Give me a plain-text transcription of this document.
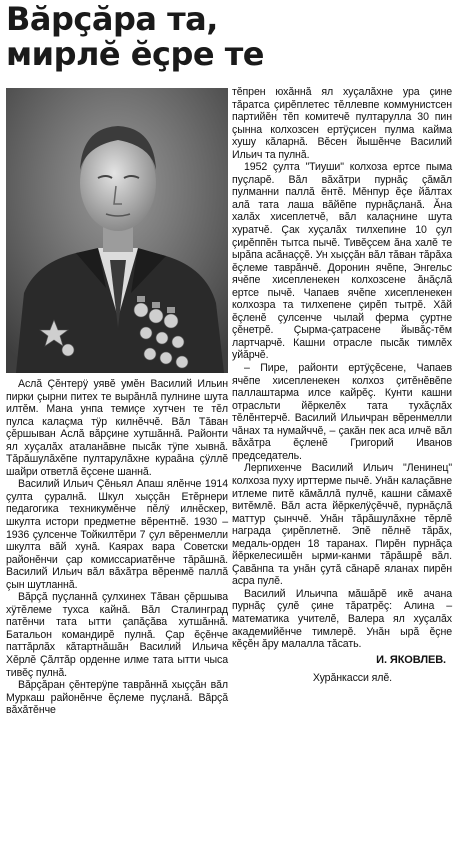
Вăрçăра та,
мирлĕ ĕçре те

Аслă Çĕнтерÿ уявĕ умĕн Василий Ильин пирки çырни питех те вырăнлă пулнине шута илтĕм. Мана унпа темиçе хутчен те тĕл пулса калаçма тÿр килнĕччĕ. Вăл Тăван çĕршыван Аслă вăрçине хутшăннă. Районти ял хуçалăх аталанăвне пысăк тÿпе хывнă. Тăрăшулăхĕпе пултарулăхне кураăна çÿллĕ шайри ответлă ĕçсене шаннă.

Василий Ильич Çĕньял Апаш ялĕнче 1914 çулта çуралнă. Шкул хыççăн Етĕрнери педагогика техникумĕнче пĕлÿ илнĕскер, шкулта истори предметне вĕрентнĕ. 1930 – 1936 çулсенче Тойкилтĕри 7 çул вĕренмелли шкулта вăй хунă. Каярах вара Советски районĕнчи çар комиссариатĕнче тăрăшнă. Василий Ильич вăл вăхăтра вĕренмĕ паллă çын шутланнă.

Вăрçă пуçланнă çулхинех Тăван çĕршыва хÿтĕлеме тухса кайнă. Вăл Сталинград патĕнчи тата ытти çапăçăва хутшăннă. Батальон командирĕ пулнă. Çар ĕçĕнче паттăрлăх кăтартнăшăн Василий Ильича Хĕрлĕ Çăлтăр орденне илме тата ытти чыса тивĕç пулнă.

Вăрçăран çĕнтерÿпе таврăннă хыççăн вăл Муркаш районĕнче ĕçлеме пуçланă. Вăрçă вăхăтĕнче

тĕпрен юхăннă ял хуçалăхне ура çине тăратса çирĕплетес тĕллевпе коммунистсен партийĕн тĕп комитечĕ пултарулла 30 пин çынна колхозсен ертÿçисен пулма кайма хушу кăларнă. Вĕсен йышĕнче Василий Ильич та пулнă.

1952 çулта "Тиуши" колхоза ертсе пыма пуçларĕ. Вăл вăхăтри пурнăç çăмăл пулманни паллă ĕнтĕ. Мĕнпур ĕçе йăлтах алă тата лаша вăйĕпе пурнăçланă. Ăна халăх хисеплетчĕ, вăл калаçнине шута хуратчĕ. Çак хуçалăх тилхепине 10 çул çирĕппĕн тытса пычĕ. Тивĕçсем ăна халĕ те ырăпа асăнаççĕ. Ун хыççăн вăл тăван тăрăха ĕçлеме таврăнчĕ. Доронин ячĕпе, Энгельс ячĕпе хисепленекен колхозсене ăнăçлă ертсе пычĕ. Чапаев ячĕпе хисепленекен колхозра та тилхепене çирĕп тытрĕ. Хăй ĕçленĕ çулсенче чылай ферма çуртне çĕнетрĕ. Çырма-çатрасене йывăç-тĕм лартчарчĕ. Кашни отрасле пысăк тимлĕх уйăрчĕ.

– Пире, районти ертÿçĕсене, Чапаев ячĕпе хисепленекен колхоз çитĕнĕвĕпе паллаштарма илсе кайрĕç. Кунти кашни отрасльти йĕркелĕх тата тухăçлăх тĕлĕнтерчĕ. Василий Ильичран вĕренмелли чăнах та нумайччĕ, – çакăн пек аса илчĕ вăл вăхăтра ĕçленĕ Григорий Иванов председатель.

Лерпихенче Василий Ильич "Ленинец" колхоза пуху ирттерме пычĕ. Унăн калаçăвне итлеме питĕ кăмăллă пулчĕ, кашни сăмахĕ витĕмлĕ. Вăл аста йĕркелÿçĕччĕ, пурнăçлă маттур çынччĕ. Унăн тăрăшулăхне тĕрлĕ награда çирĕплетнĕ. Эпĕ пĕлнĕ тăрăх, медаль-орден 18 таранах. Пирĕн пурнăçа йĕркелесишĕн ырми-канми тăрăшрĕ вăл. Çавăнпа та унăн çутă сăнарĕ яланах пирĕн асра пулĕ.

Василий Ильичпа мăшăрĕ икĕ ачана пурнăç çулĕ çине тăратрĕç: Алина – математика учителĕ, Валера ял хуçалăх академийĕнче тимлерĕ. Унăн ырă ĕçне кĕçĕн ăру малалла тăсать.

И. ЯКОВЛЕВ.

Хурăнкасси ялĕ.
